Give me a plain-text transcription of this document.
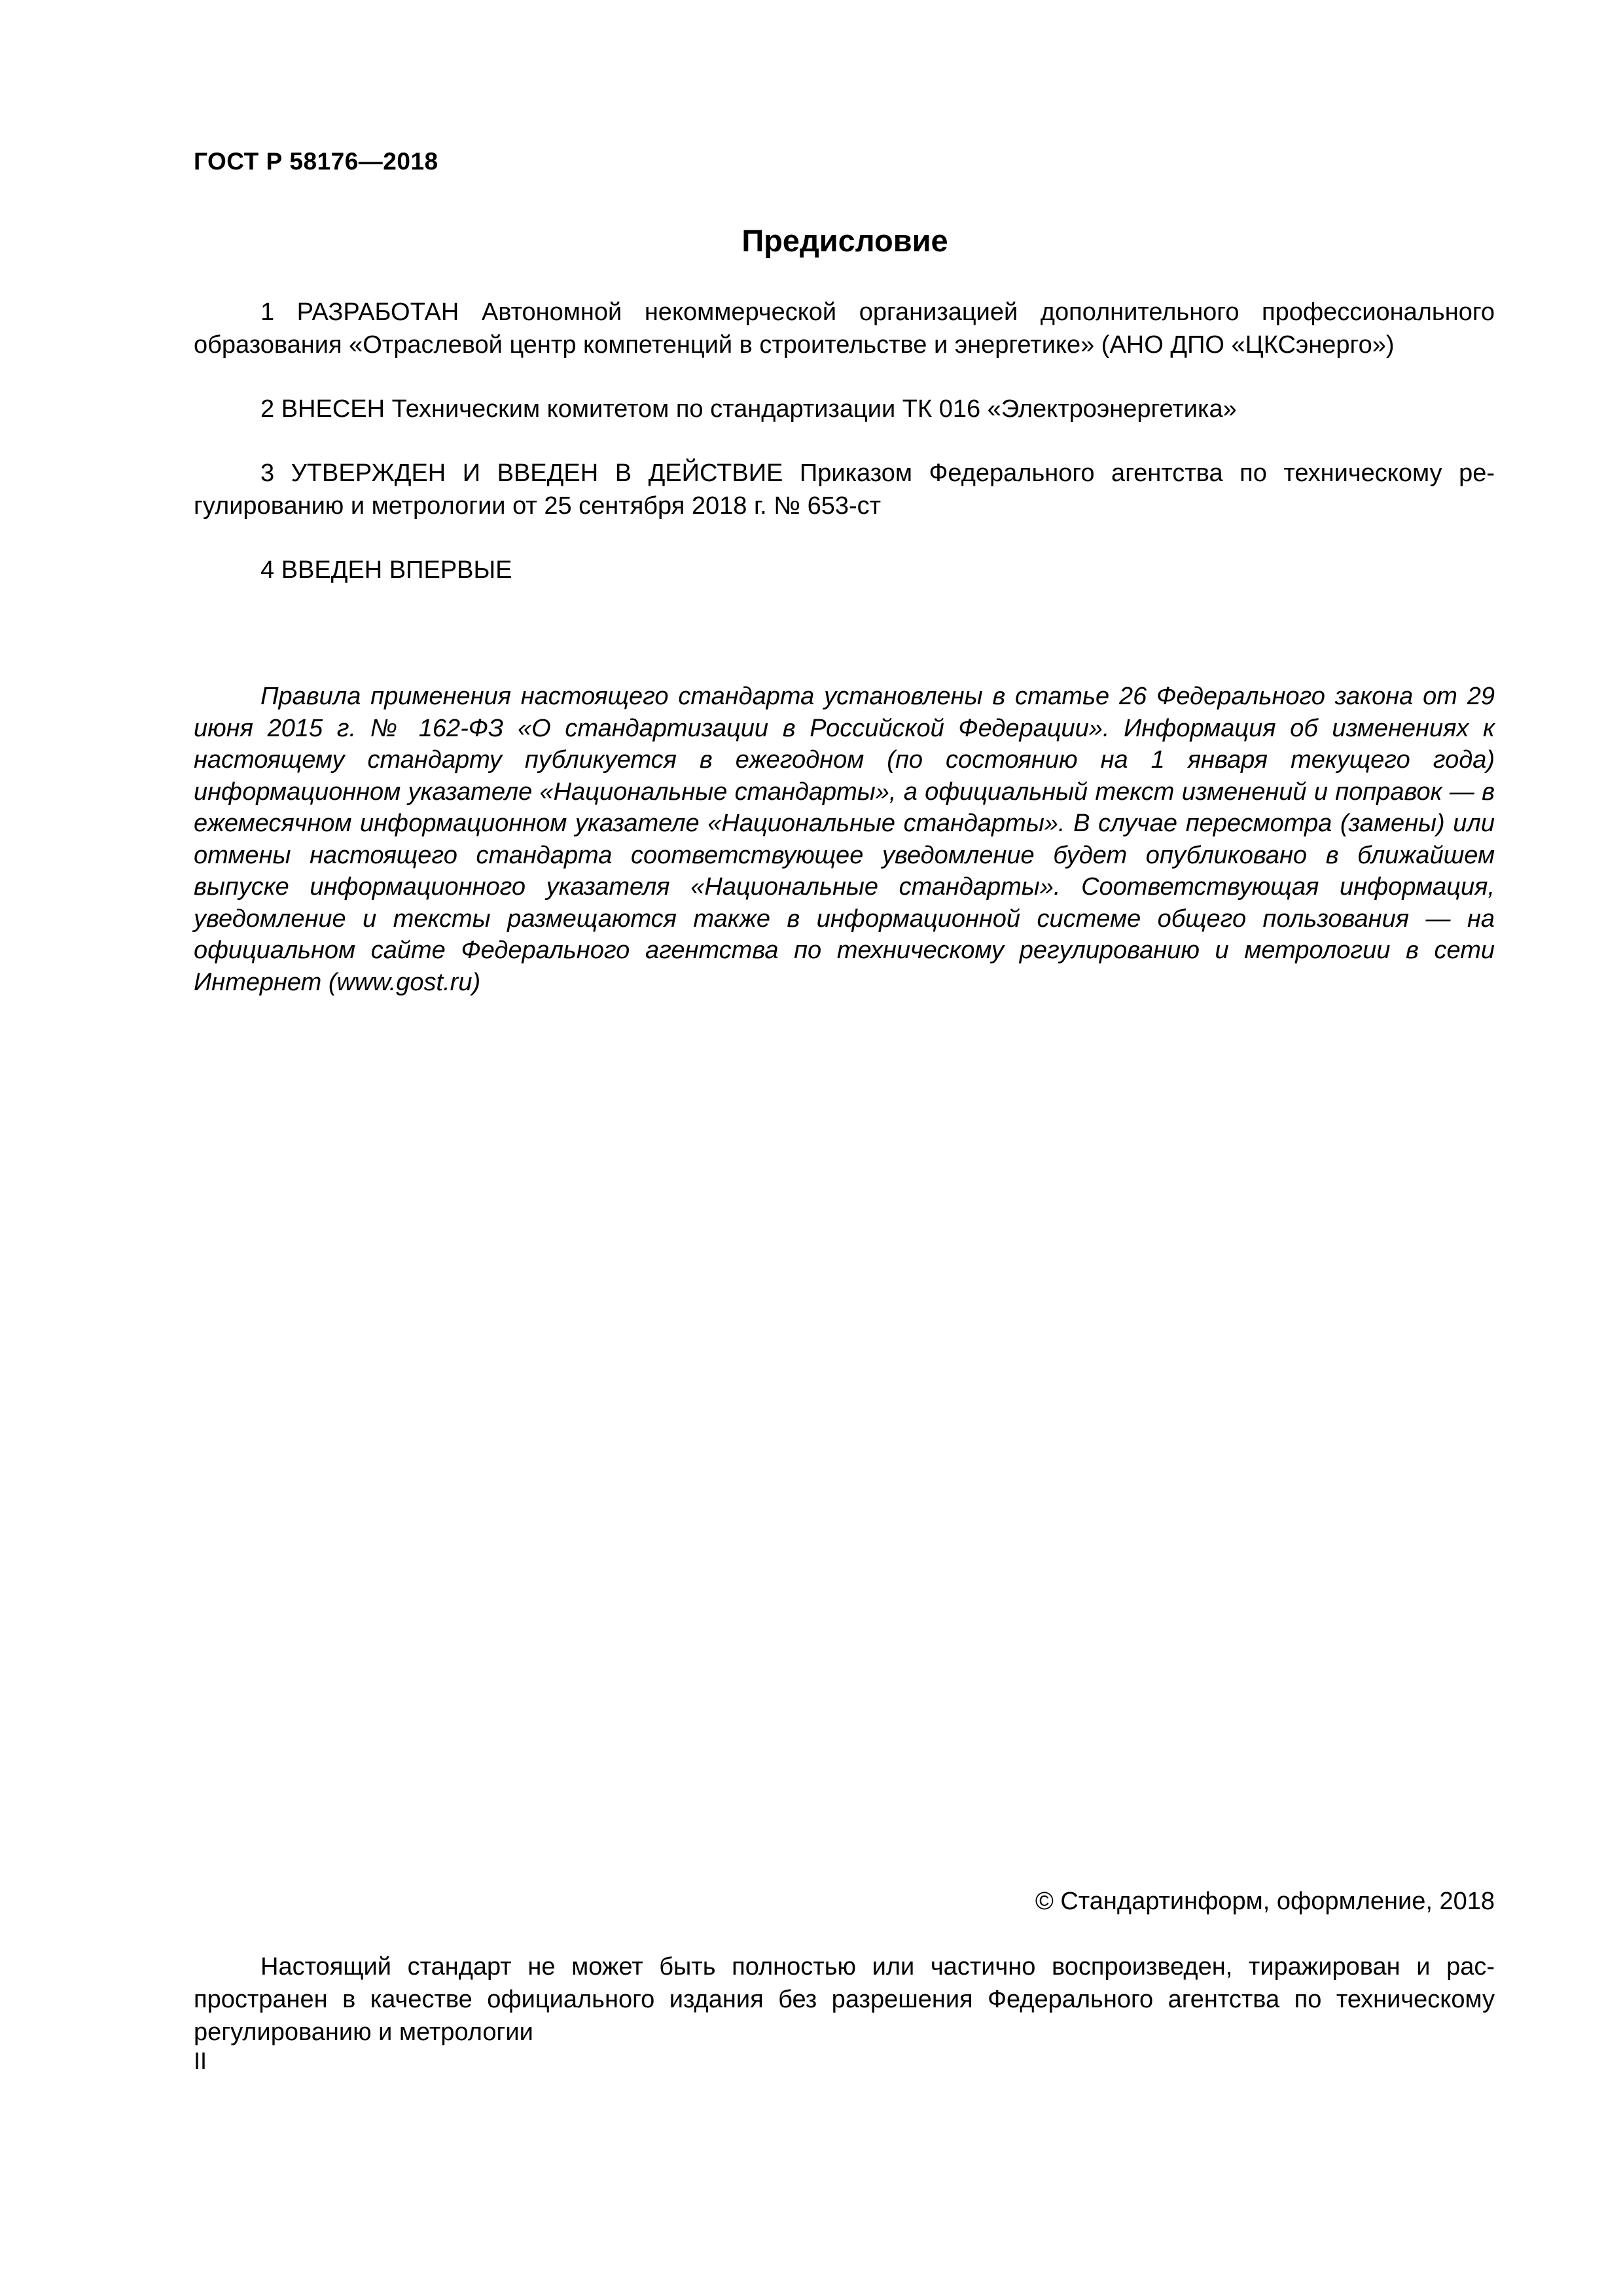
ГОСТ Р 58176—2018
Предисловие

1 РАЗРАБОТАН Автономной некоммерческой организацией дополнительного профессионального образования «Отраслевой центр компетенций в строительстве и энергетике» (АНО ДПО «ЦКСэнерго»)

2 ВНЕСЕН Техническим комитетом по стандартизации ТК 016 «Электроэнергетика»

3 УТВЕРЖДЕН И ВВЕДЕН В ДЕЙСТВИЕ Приказом Федерального агентства по техническому регулированию и метрологии от 25 сентября 2018 г. № 653-ст

4 ВВЕДЕН ВПЕРВЫЕ

Правила применения настоящего стандарта установлены в статье 26 Федерального закона от 29 июня 2015 г. № 162-ФЗ «О стандартизации в Российской Федерации». Информация об изменениях к настоящему стандарту публикуется в ежегодном (по состоянию на 1 января текущего года) информационном указателе «Национальные стандарты», а официальный текст изменений и поправок — в ежемесячном информационном указателе «Национальные стандарты». В случае пересмотра (замены) или отмены настоящего стандарта соответствующее уведомление будет опубликовано в ближайшем выпуске информационного указателя «Национальные стандарты». Соответствующая информация, уведомление и тексты размещаются также в информационной системе общего пользования — на официальном сайте Федерального агентства по техническому регулированию и метрологии в сети Интернет (www.gost.ru)

© Стандартинформ, оформление, 2018

Настоящий стандарт не может быть полностью или частично воспроизведен, тиражирован и распространен в качестве официального издания без разрешения Федерального агентства по техническому регулированию и метрологии

II
